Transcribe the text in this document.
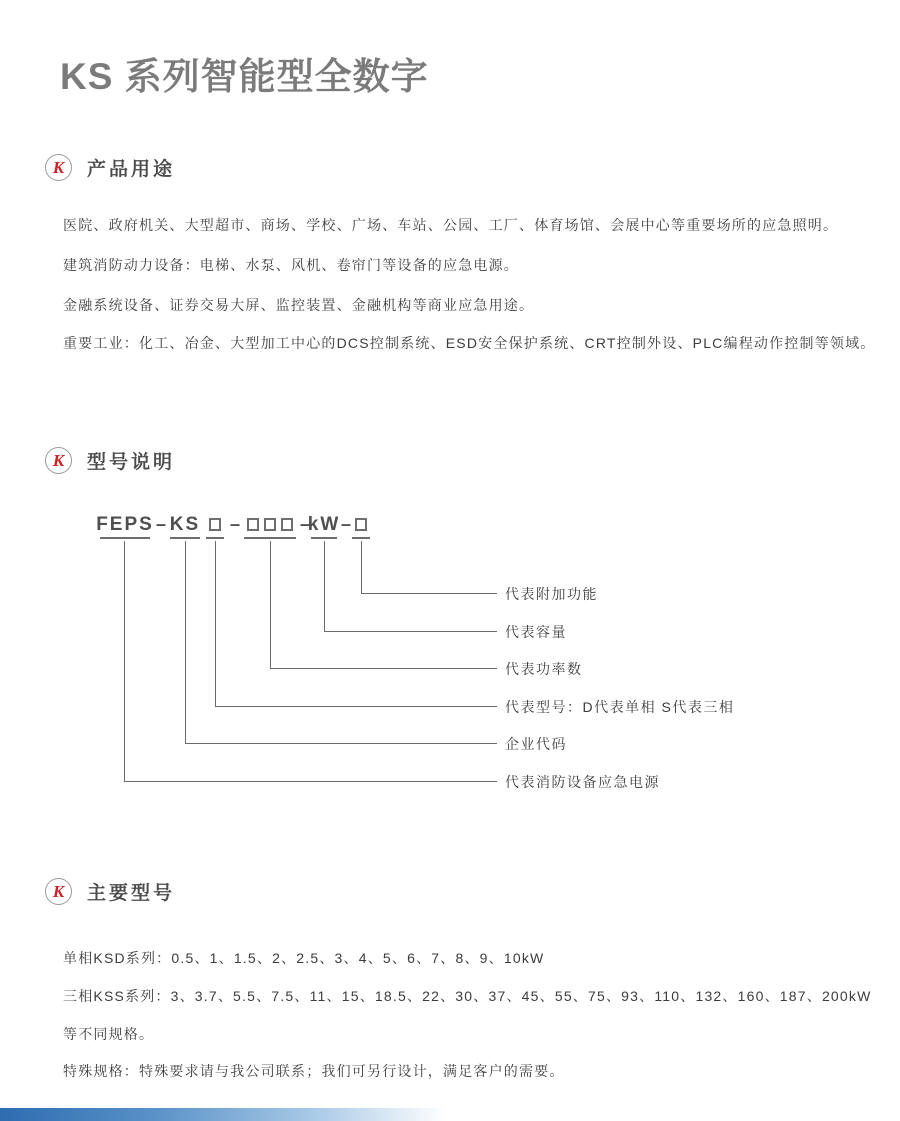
KS 系列智能型全数字
K 产品用途

医院、政府机关、大型超市、商场、学校、广场、车站、公园、工厂、体育场馆、会展中心等重要场所的应急照明。

建筑消防动力设备：电梯、水泵、风机、卷帘门等设备的应急电源。

金融系统设备、证券交易大屏、监控装置、金融机构等商业应急用途。

重要工业：化工、冶金、大型加工中心的DCS控制系统、ESD安全保护系统、CRT控制外设、PLC编程动作控制等领域。

K 型号说明
FEPS – KS –	–
kW –
代表附加功能
代表容量
代表功率数
代表型号：D代表单相 S代表三相
企业代码
代表消防设备应急电源
K 主要型号

单相KSD系列：0.5、1、1.5、2、2.5、3、4、5、6、7、8、9、10kW

三相KSS系列：3、3.7、5.5、7.5、11、15、18.5、22、30、37、45、55、75、93、110、132、160、187、200kW

等不同规格。

特殊规格：特殊要求请与我公司联系；我们可另行设计，满足客户的需要。
